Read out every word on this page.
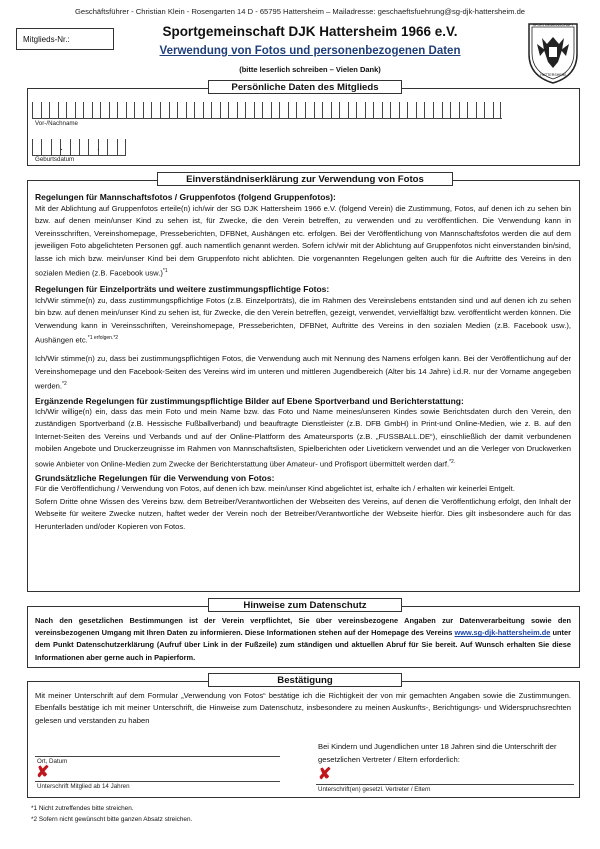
Geschäftsführer - Christian Klein - Rosengarten 14 D - 65795 Hattersheim – Mailadresse: geschaeftsfuehrung@sg-djk-hattersheim.de
Mitglieds-Nr.:
Sportgemeinschaft DJK Hattersheim 1966 e.V.
Verwendung von Fotos und personenbezogenen Daten
(bitte leserlich schreiben – Vielen Dank)
SPORTGEMEINSCHAFT
HATTERSHEIM
Persönliche Daten des Mitglieds
Vor-/Nachname
.	.
Geburtsdatum
Einverständniserklärung zur Verwendung von Fotos
Regelungen für Mannschaftsfotos / Gruppenfotos (folgend Gruppenfotos):
Mit der Ablichtung auf Gruppenfotos erteile(n) ich/wir der SG DJK Hattersheim 1966 e.V. (folgend Verein) die Zustimmung, Fotos, auf denen ich zu sehen bin bzw. auf denen mein/unser Kind zu sehen ist, für Zwecke, die den Verein betreffen, zu verwenden und zu veröffentlichen. Die Verwendung kann in Vereinsschriften, Vereinshomepage, Presseberichten, DFBNet, Aushängen etc. erfolgen. Bei der Veröffentlichung von Mannschaftsfotos werden die auf dem jeweiligen Foto abgelichteten Personen ggf. auch namentlich genannt werden. Sofern ich/wir mit der Ablichtung auf Gruppenfotos nicht einverstanden bin/sind, lasse ich mich bzw. mein/unser Kind bei dem Gruppenfoto nicht ablichten. Die vorgenannten Regelungen gelten auch für die Auftritte des Vereins in den sozialen Medien (z.B. Facebook usw.)$^{*1}$
Regelungen für Einzelporträts und weitere zustimmungspflichtige Fotos:
Ich/Wir stimme(n) zu, dass zustimmungspflichtige Fotos (z.B. Einzelporträts), die im Rahmen des Vereinslebens entstanden sind und auf denen ich zu sehen bin bzw. auf denen mein/unser Kind zu sehen ist, für Zwecke, die den Verein betreffen, gezeigt, verwendet, vervielfältigt bzw. veröffentlicht werden können. Die Verwendung kann in Vereinsschriften, Vereinshomepage, Presseberichten, DFBNet, Auftritte des Vereins in den sozialen Medien (z.B. Facebook usw.), Aushängen etc.$^{*1 erfolgen.*2}$
Ich/Wir stimme(n) zu, dass bei zustimmungspflichtigen Fotos, die Verwendung auch mit Nennung des Namens erfolgen kann. Bei der Veröffentlichung auf der Vereinshomepage und den Facebook-Seiten des Vereins wird im unteren und mittleren Jugendbereich (Alter bis 14 Jahre) i.d.R. nur der Vorname angegeben werden.$^{*2}$
Ergänzende Regelungen für zustimmungspflichtige Bilder auf Ebene Sportverband und Berichterstattung:
Ich/Wir willige(n) ein, dass das mein Foto und mein Name bzw. das Foto und Name meines/unseren Kindes sowie Berichtsdaten durch den Verein, den zuständigen Sportverband (z.B. Hessische Fußballverband) und beauftragte Dienstleister (z.B. DFB GmbH) in Print-und Online-Medien, wie z. B. auf den Internet-Seiten des Vereins und Verbands und auf der Online-Plattform des Amateursports (z.B. „FUSSBALL.DE“), einschließlich der damit verbundenen mobilen Angebote und Druckerzeugnisse im Rahmen von Mannschaftslisten, Spielberichten oder Livetickern verwendet und an die Verleger von Druckwerken sowie Anbieter von Online-Medien zum Zwecke der Berichterstattung über Amateur- und Profisport übermittelt werden darf.$^{*2.}$
Grundsätzliche Regelungen für die Verwendung von Fotos:
Für die Veröffentlichung / Verwendung von Fotos, auf denen ich bzw. mein/unser Kind abgelichtet ist, erhalte ich / erhalten wir keinerlei Entgelt.
Sofern Dritte ohne Wissen des Vereins bzw. dem Betreiber/Verantwortlichen der Webseiten des Vereins, auf denen die Veröffentlichung erfolgt, den Inhalt der Webseite für weitere Zwecke nutzen, haftet weder der Verein noch der Betreiber/Verantwortliche der Webseite hierfür. Dies gilt insbesondere auch für das Herunterladen und/oder Kopieren von Fotos.
Hinweise zum Datenschutz
Nach den gesetzlichen Bestimmungen ist der Verein verpflichtet, Sie über vereinsbezogene Angaben zur Datenverarbeitung sowie den vereinsbezogenen Umgang mit Ihren Daten zu informieren. Diese Informationen stehen auf der Homepage des Vereins www.sg-djk-hattersheim.de unter dem Punkt Datenschutzerklärung (Aufruf über Link in der Fußzeile) zum ständigen und aktuellen Abruf für Sie bereit. Auf Wunsch erhalten Sie diese Informationen aber gerne auch in Papierform.
Bestätigung
Mit meiner Unterschrift auf dem Formular „Verwendung von Fotos“ bestätige ich die Richtigkeit der von mir gemachten Angaben sowie die Zustimmungen. Ebenfalls bestätige ich mit meiner Unterschrift, die Hinweise zum Datenschutz, insbesondere zu meinen Auskunfts-, Berichtigungs- und Widerspruchsrechten gelesen und verstanden zu haben
Bei Kindern und Jugendlichen unter 18 Jahren sind die Unterschrift der gesetzlichen Vertreter / Eltern erforderlich:
Ort, Datum
✘
Unterschrift Mitglied ab 14 Jahren
✘
Unterschrift(en) gesetzl. Vertreter / Eltern
*1 Nicht zutreffendes bitte streichen.
*2 Sofern nicht gewünscht bitte ganzen Absatz streichen.
